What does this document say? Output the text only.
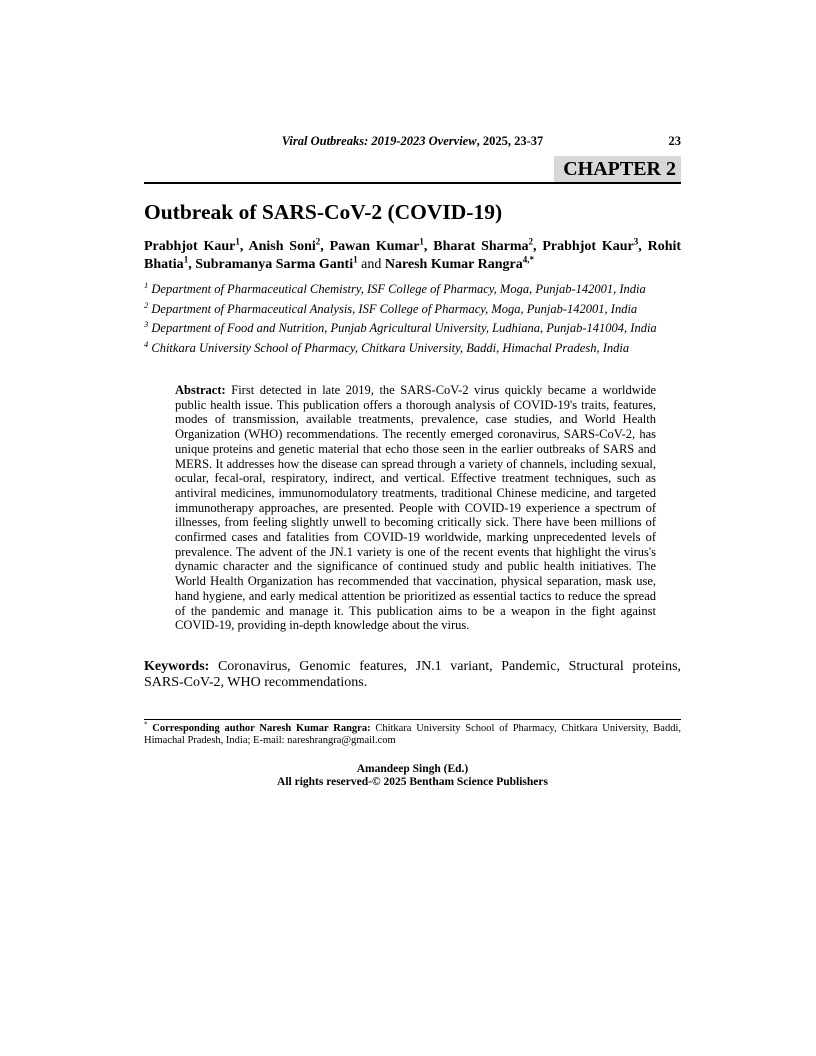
Viral Outbreaks: 2019-2023 Overview, 2025, 23-37	23
CHAPTER 2
Outbreak of SARS-CoV-2 (COVID-19)

Prabhjot Kaur$^1$, Anish Soni$^2$, Pawan Kumar$^1$, Bharat Sharma$^2$, Prabhjot Kaur$^3$, Rohit Bhatia$^1$, Subramanya Sarma Ganti$^1$ and Naresh Kumar Rangra$^{4,*}$

$^1$ Department of Pharmaceutical Chemistry, ISF College of Pharmacy, Moga, Punjab-142001, India

$^2$ Department of Pharmaceutical Analysis, ISF College of Pharmacy, Moga, Punjab-142001, India

$^3$ Department of Food and Nutrition, Punjab Agricultural University, Ludhiana, Punjab-141004, India

$^4$ Chitkara University School of Pharmacy, Chitkara University, Baddi, Himachal Pradesh, India

Abstract: First detected in late 2019, the SARS-CoV-2 virus quickly became a worldwide public health issue. This publication offers a thorough analysis of COVID-19's traits, features, modes of transmission, available treatments, prevalence, case studies, and World Health Organization (WHO) recommendations. The recently emerged coronavirus, SARS-CoV-2, has unique proteins and genetic material that echo those seen in the earlier outbreaks of SARS and MERS. It addresses how the disease can spread through a variety of channels, including sexual, ocular, fecal-oral, respiratory, indirect, and vertical. Effective treatment techniques, such as antiviral medicines, immunomodulatory treatments, traditional Chinese medicine, and targeted immunotherapy approaches, are presented. People with COVID-19 experience a spectrum of illnesses, from feeling slightly unwell to becoming critically sick. There have been millions of confirmed cases and fatalities from COVID-19 worldwide, marking unprecedented levels of prevalence. The advent of the JN.1 variety is one of the recent events that highlight the virus's dynamic character and the significance of continued study and public health initiatives. The World Health Organization has recommended that vaccination, physical separation, mask use, hand hygiene, and early medical attention be prioritized as essential tactics to reduce the spread of the pandemic and manage it. This publication aims to be a weapon in the fight against COVID-19, providing in-depth knowledge about the virus.

Keywords: Coronavirus, Genomic features, JN.1 variant, Pandemic, Structural proteins, SARS-CoV-2, WHO recommendations.

* Corresponding author Naresh Kumar Rangra: Chitkara University School of Pharmacy, Chitkara University, Baddi, Himachal Pradesh, India; E-mail: nareshrangra@gmail.com

Amandeep Singh (Ed.)

All rights reserved-© 2025 Bentham Science Publishers
